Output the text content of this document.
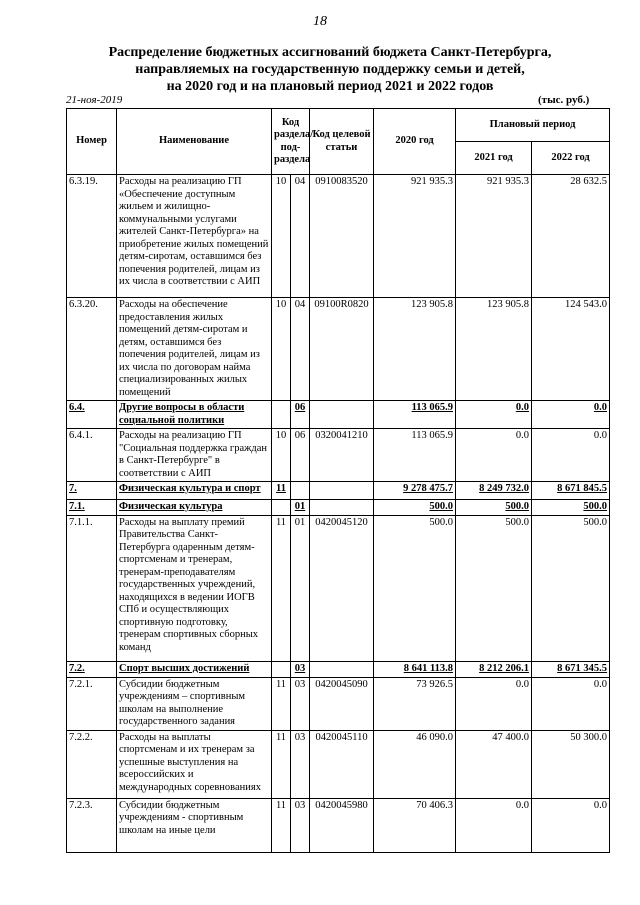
18
Распределение бюджетных ассигнований бюджета Санкт-Петербурга,
направляемых на государственную поддержку семьи и детей,
на 2020 год и на плановый период 2021 и 2022 годов
21-ноя-2019	(тыс. руб.)
Номер	Наименование	Код раздела/ под- раздела		Код целевой статьи	2020 год	Плановый период	
						2021 год	2022 год
6.3.19.	Расходы на реализацию ГП «Обеспечение доступным жильем и жилищно-коммунальными услугами жителей Санкт-Петербурга» на приобретение жилых помещений детям-сиротам, оставшимся без попечения родителей, лицам из их числа в соответствии с АИП	10	04	0910083520	921 935.3	921 935.3	28 632.5
6.3.20.	Расходы на обеспечение предоставления жилых помещений детям-сиротам и детям, оставшимся без попечения родителей, лицам из их числа по договорам найма специализированных жилых помещений	10	04	09100R0820	123 905.8	123 905.8	124 543.0
6.4.	Другие вопросы в области социальной политики		06		113 065.9	0.0	0.0
6.4.1.	Расходы на реализацию ГП "Социальная поддержка граждан в Санкт-Петербурге" в соответствии с АИП	10	06	0320041210	113 065.9	0.0	0.0
7.	Физическая культура и спорт	11			9 278 475.7	8 249 732.0	8 671 845.5
7.1.	Физическая культура		01		500.0	500.0	500.0
7.1.1.	Расходы на выплату премий Правительства Санкт-Петербурга одаренным детям-спортсменам и тренерам, тренерам-преподавателям государственных учреждений, находящихся в ведении ИОГВ СПб и осуществляющих спортивную подготовку, тренерам спортивных сборных команд	11	01	0420045120	500.0	500.0	500.0
7.2.	Спорт высших достижений		03		8 641 113.8	8 212 206.1	8 671 345.5
7.2.1.	Субсидии бюджетным учреждениям – спортивным школам на выполнение государственного задания	11	03	0420045090	73 926.5	0.0	0.0
7.2.2.	Расходы на выплаты спортсменам и их тренерам за успешные выступления на всероссийских и международных соревнованиях	11	03	0420045110	46 090.0	47 400.0	50 300.0
7.2.3.	Субсидии бюджетным учреждениям - спортивным школам на иные цели	11	03	0420045980	70 406.3	0.0	0.0
